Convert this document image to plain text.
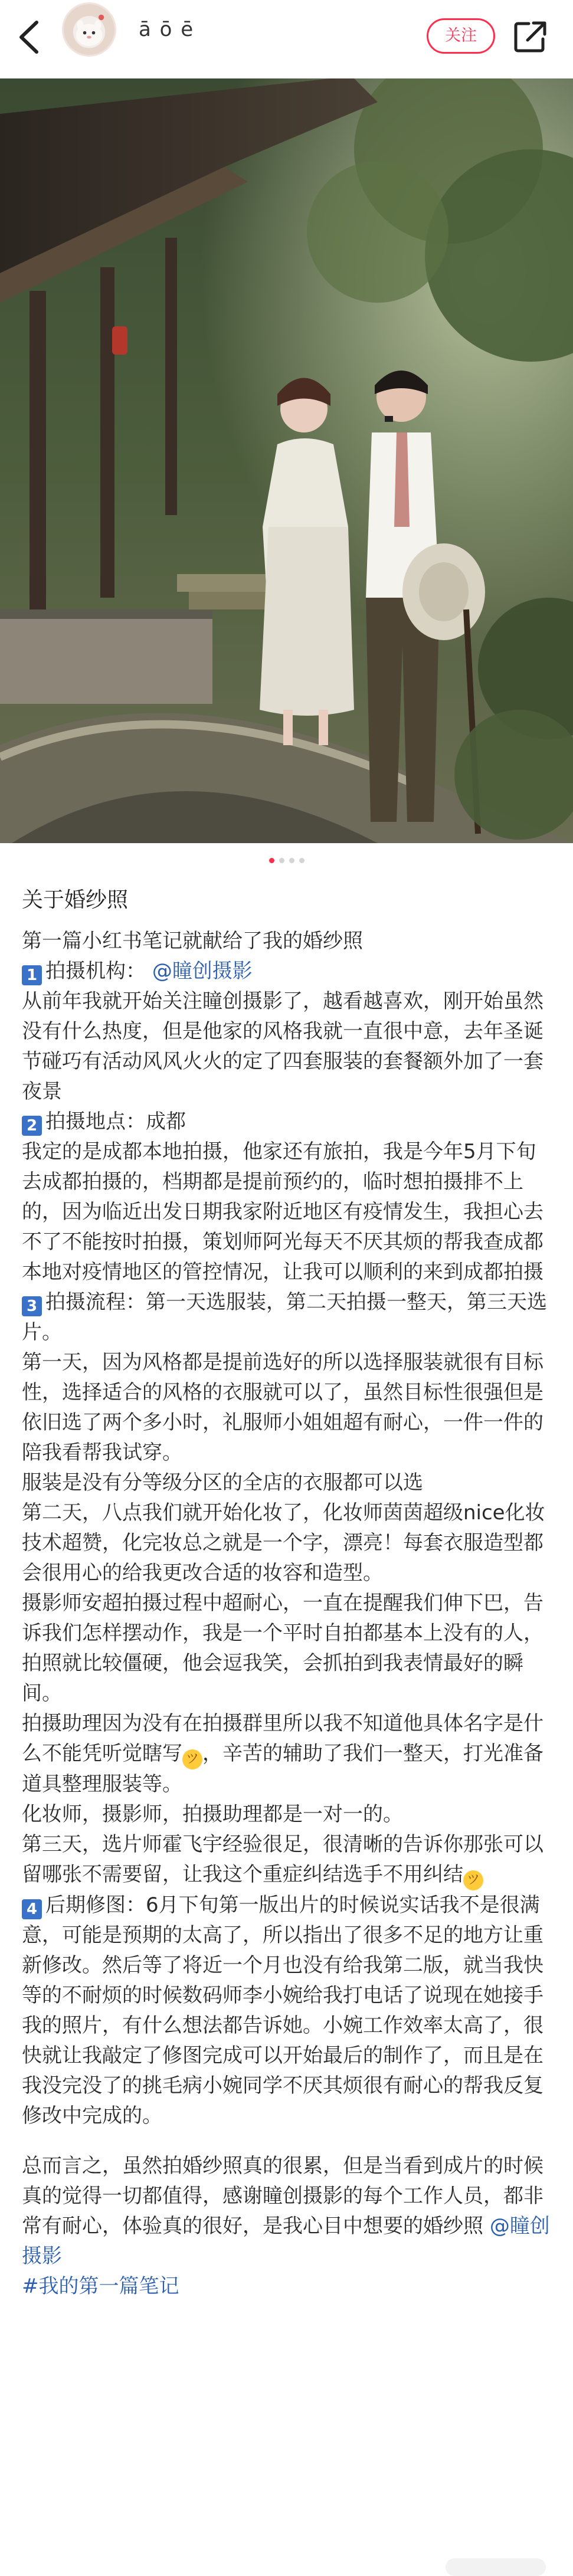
ā ō ē	关注
关于婚纱照

第一篇小红书笔记就献给了我的婚纱照

1 拍摄机构： @瞳创摄影

从前年我就开始关注瞳创摄影了，越看越喜欢，刚开始虽然没有什么热度，但是他家的风格我就一直很中意，去年圣诞节碰巧有活动风风火火的定了四套服装的套餐额外加了一套夜景

2 拍摄地点：成都

我定的是成都本地拍摄，他家还有旅拍，我是今年5月下旬去成都拍摄的，档期都是提前预约的，临时想拍摄排不上的，因为临近出发日期我家附近地区有疫情发生，我担心去不了不能按时拍摄，策划师阿光每天不厌其烦的帮我查成都本地对疫情地区的管控情况，让我可以顺利的来到成都拍摄

3 拍摄流程：第一天选服装，第二天拍摄一整天，第三天选片。

第一天，因为风格都是提前选好的所以选择服装就很有目标性，选择适合的风格的衣服就可以了，虽然目标性很强但是依旧选了两个多小时，礼服师小姐姐超有耐心，一件一件的陪我看帮我试穿。

服装是没有分等级分区的全店的衣服都可以选

第二天，八点我们就开始化妆了，化妆师茵茵超级nice化妆技术超赞，化完妆总之就是一个字，漂亮！每套衣服造型都会很用心的给我更改合适的妆容和造型。

摄影师安超拍摄过程中超耐心，一直在提醒我们伸下巴，告诉我们怎样摆动作，我是一个平时自拍都基本上没有的人，拍照就比较僵硬，他会逗我笑，会抓拍到我表情最好的瞬间。

拍摄助理因为没有在拍摄群里所以我不知道他具体名字是什么不能凭听觉瞎写 ツ ，辛苦的辅助了我们一整天，打光准备道具整理服装等。

化妆师，摄影师，拍摄助理都是一对一的。

第三天，选片师霍飞宇经验很足，很清晰的告诉你那张可以留哪张不需要留，让我这个重症纠结选手不用纠结 ツ

4 后期修图：6月下旬第一版出片的时候说实话我不是很满意，可能是预期的太高了，所以指出了很多不足的地方让重新修改。然后等了将近一个月也没有给我第二版，就当我快等的不耐烦的时候数码师李小婉给我打电话了说现在她接手我的照片，有什么想法都告诉她。小婉工作效率太高了，很快就让我敲定了修图完成可以开始最后的制作了，而且是在我没完没了的挑毛病小婉同学不厌其烦很有耐心的帮我反复修改中完成的。

总而言之，虽然拍婚纱照真的很累，但是当看到成片的时候真的觉得一切都值得，感谢瞳创摄影的每个工作人员，都非常有耐心，体验真的很好，是我心目中想要的婚纱照 @瞳创摄影

#我的第一篇笔记
